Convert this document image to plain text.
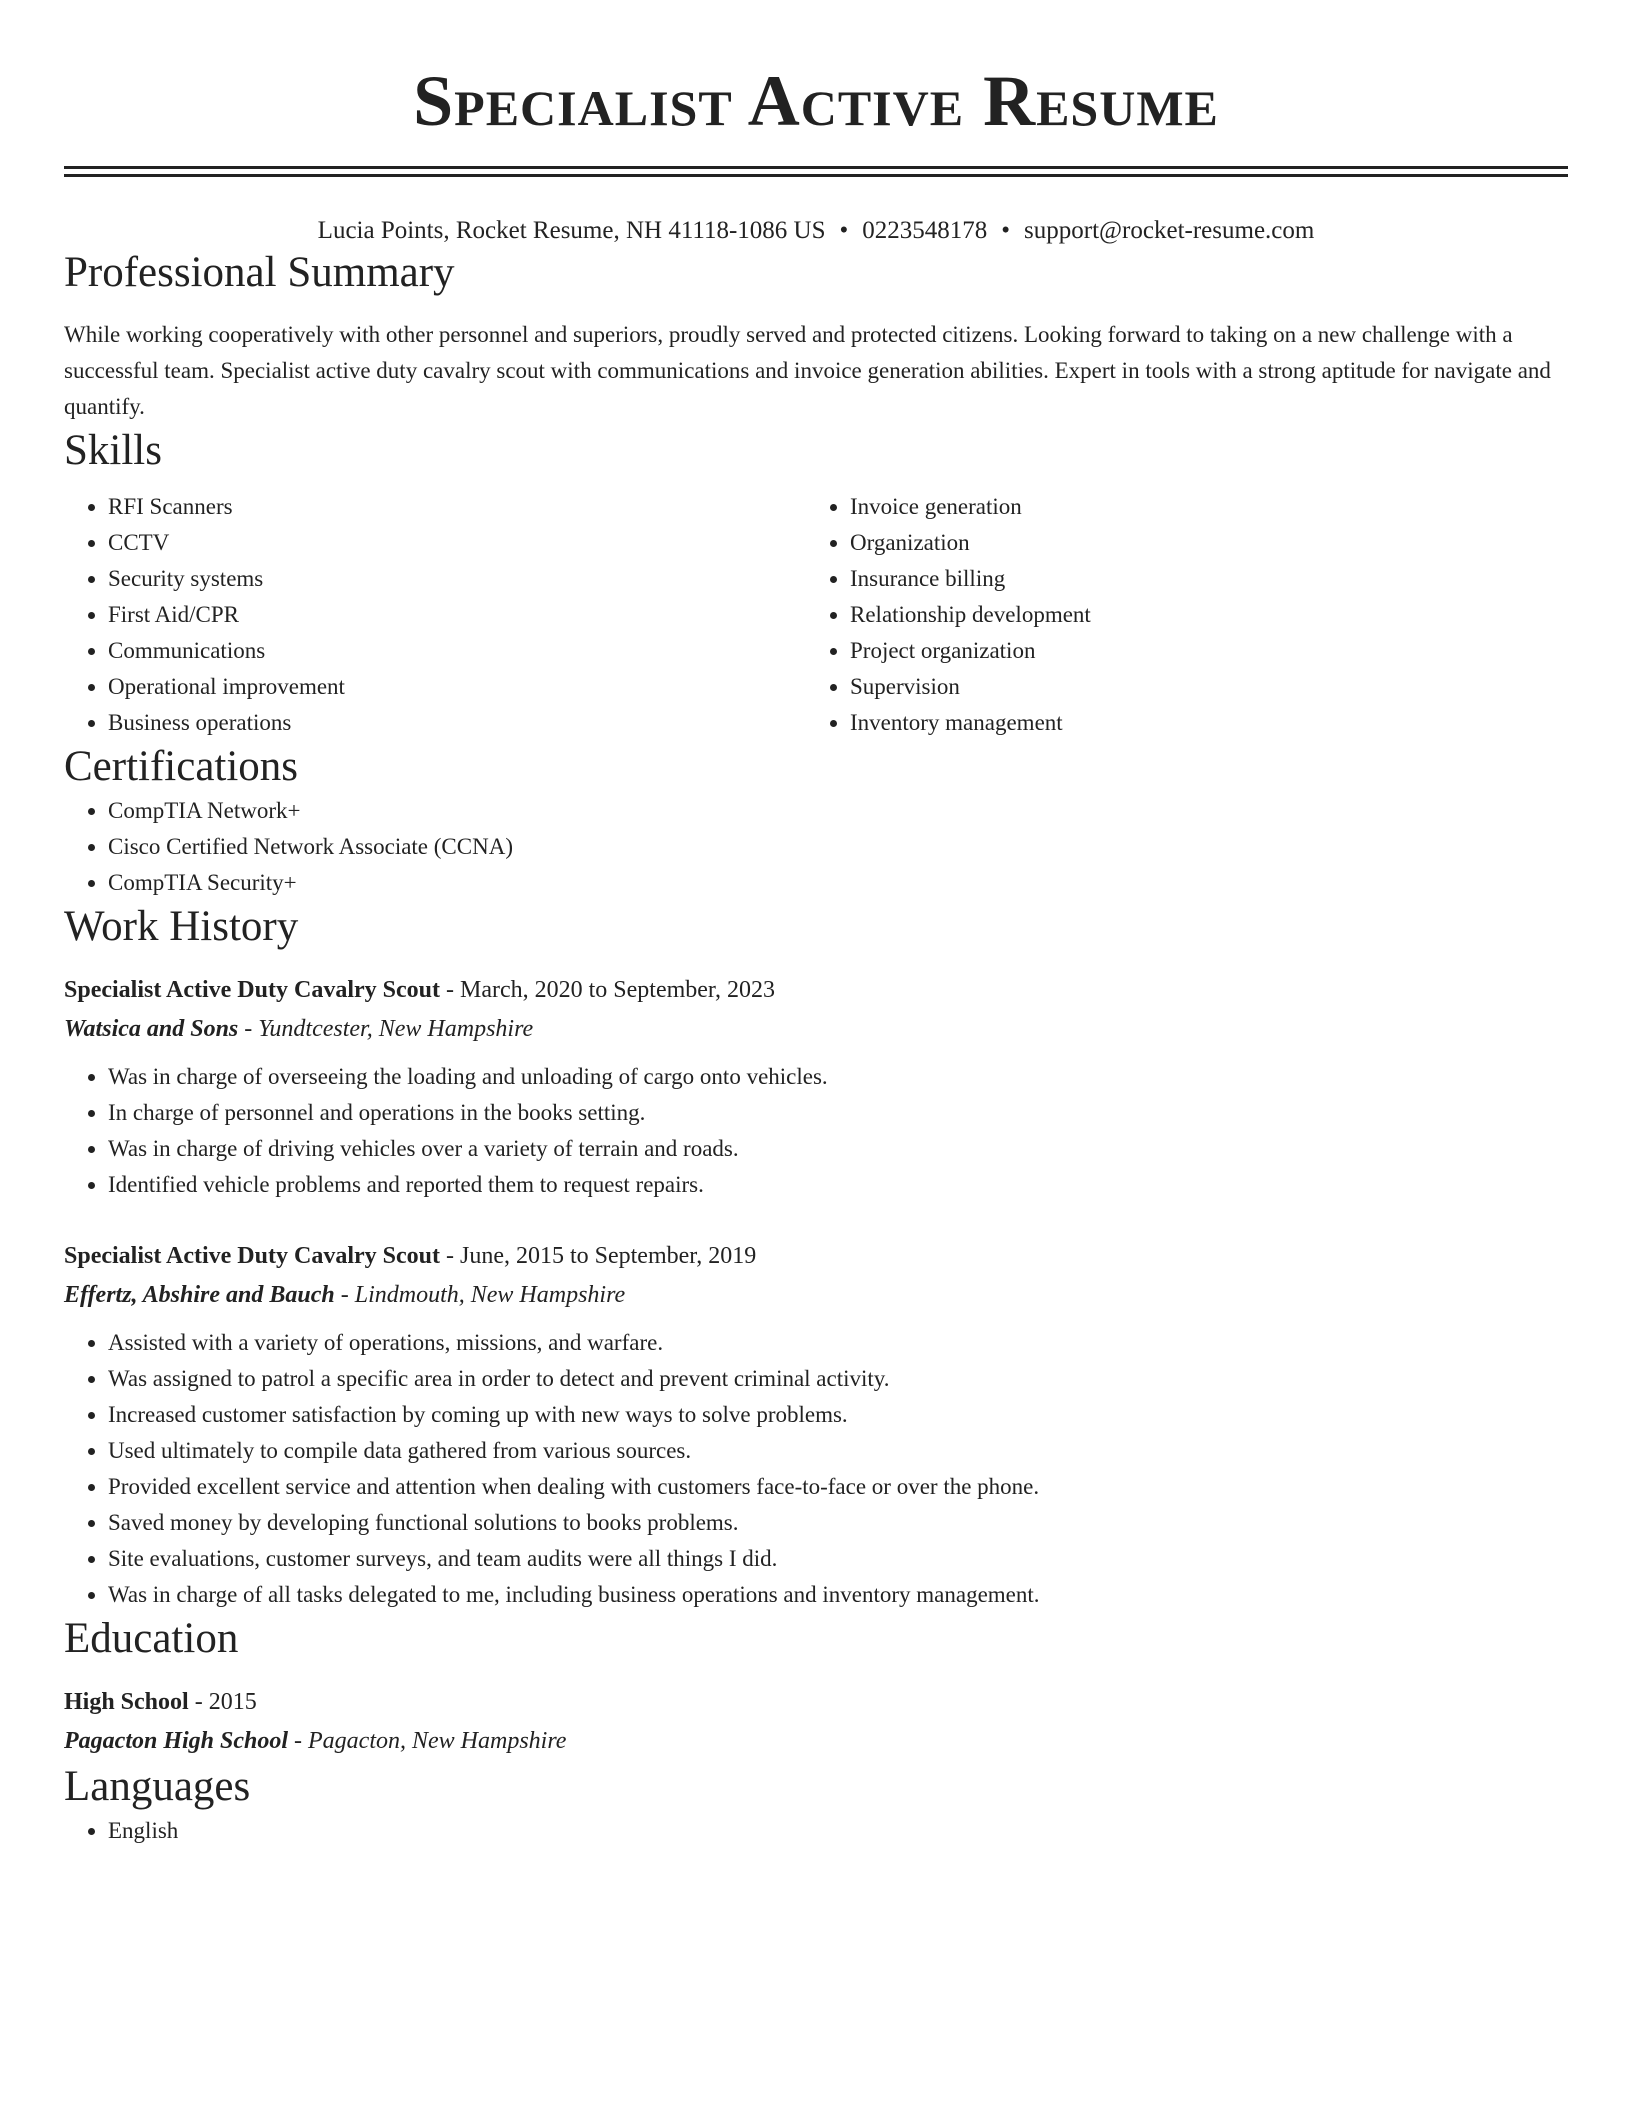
Specialist Active Resume
Lucia Points, Rocket Resume, NH 41118-1086 US • 0223548178 • support@rocket-resume.com
Professional Summary

While working cooperatively with other personnel and superiors, proudly served and protected citizens. Looking forward to taking on a new challenge with a successful team. Specialist active duty cavalry scout with communications and invoice generation abilities. Expert in tools with a strong aptitude for navigate and quantify.

Skills
• RFI Scanners
• CCTV
• Security systems
• First Aid/CPR
• Communications
• Operational improvement
• Business operations
• Invoice generation
• Organization
• Insurance billing
• Relationship development
• Project organization
• Supervision
• Inventory management
Certifications
• CompTIA Network+
• Cisco Certified Network Associate (CCNA)
• CompTIA Security+
Work History
Specialist Active Duty Cavalry Scout - March, 2020 to September, 2023
Watsica and Sons - Yundtcester, New Hampshire
• Was in charge of overseeing the loading and unloading of cargo onto vehicles.
• In charge of personnel and operations in the books setting.
• Was in charge of driving vehicles over a variety of terrain and roads.
• Identified vehicle problems and reported them to request repairs.
Specialist Active Duty Cavalry Scout - June, 2015 to September, 2019
Effertz, Abshire and Bauch - Lindmouth, New Hampshire
• Assisted with a variety of operations, missions, and warfare.
• Was assigned to patrol a specific area in order to detect and prevent criminal activity.
• Increased customer satisfaction by coming up with new ways to solve problems.
• Used ultimately to compile data gathered from various sources.
• Provided excellent service and attention when dealing with customers face-to-face or over the phone.
• Saved money by developing functional solutions to books problems.
• Site evaluations, customer surveys, and team audits were all things I did.
• Was in charge of all tasks delegated to me, including business operations and inventory management.
Education
High School - 2015
Pagacton High School - Pagacton, New Hampshire
Languages
• English
